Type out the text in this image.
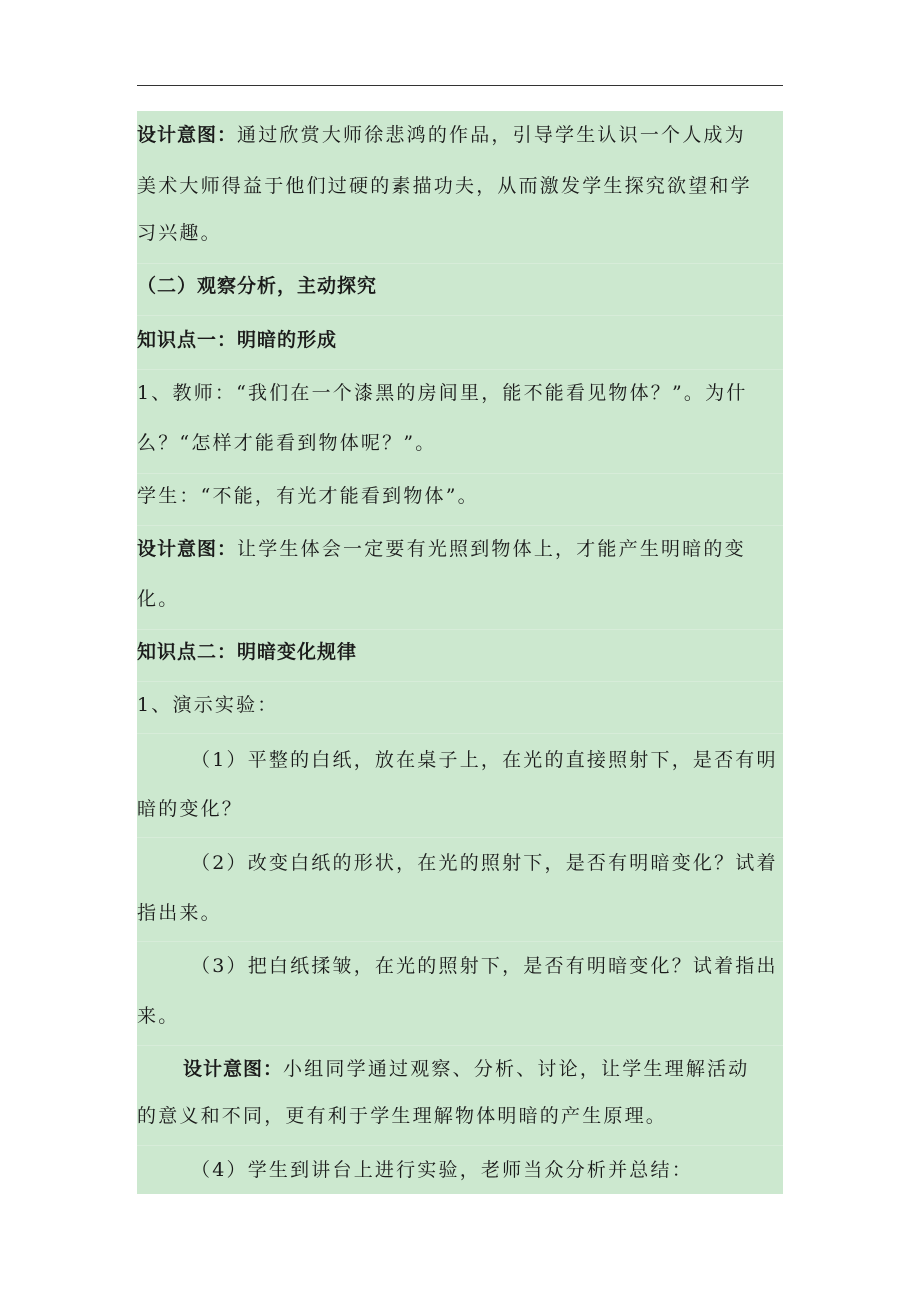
设计意图：通过欣赏大师徐悲鸿的作品，引导学生认识一个人成为
美术大师得益于他们过硬的素描功夫，从而激发学生探究欲望和学
习兴趣。
（二）观察分析，主动探究
知识点一：明暗的形成
1、教师：“我们在一个漆黑的房间里，能不能看见物体？”。为什
么？“怎样才能看到物体呢？”。
学生：“不能，有光才能看到物体”。
设计意图：让学生体会一定要有光照到物体上，才能产生明暗的变
化。
知识点二：明暗变化规律
1、演示实验：
（1）平整的白纸，放在桌子上，在光的直接照射下，是否有明
暗的变化？
（2）改变白纸的形状，在光的照射下，是否有明暗变化？试着
指出来。
（3）把白纸揉皱，在光的照射下，是否有明暗变化？试着指出
来。
设计意图：小组同学通过观察、分析、讨论，让学生理解活动
的意义和不同，更有利于学生理解物体明暗的产生原理。
（4）学生到讲台上进行实验，老师当众分析并总结：
